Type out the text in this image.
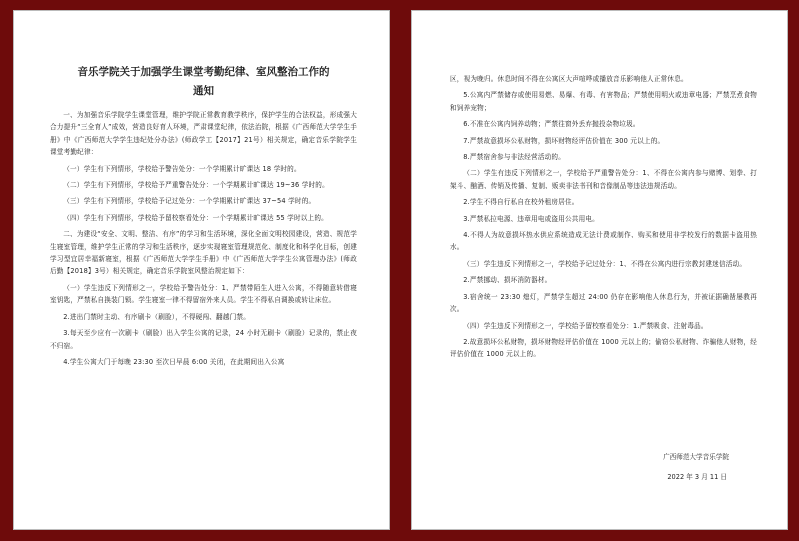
音乐学院关于加强学生课堂考勤纪律、室风整治工作的
通知

一、为加强音乐学院学生课堂管理，维护学院正常教育教学秩序，保护学生的合法权益，形成强大合力提升“三全育人”成效，营造良好育人环境，严肃课堂纪律，依法治院，根据《广西师范大学学生手册》中《广西师范大学学生违纪处分办法》(师政学工【2017】21号）相关规定，确定音乐学院学生课堂考勤纪律：

（一）学生有下列情形，学校给予警告处分：一个学期累计旷课达 18 学时的。

（二）学生有下列情形，学校给予严重警告处分：一个学期累计旷课达 19~36 学时的。

（三）学生有下列情形，学校给予记过处分：一个学期累计旷课达 37~54 学时的。

（四）学生有下列情形，学校给予留校察看处分：一个学期累计旷课达 55 学时以上的。

二、为建设“安全、文明、整洁、有序”的学习和生活环境，深化全面文明校园建设，营造、规范学生寝室管理，维护学生正常的学习和生活秩序，逐步实现寝室管理规范化、制度化和科学化目标，创建学习型宜居幸福新寝室，根据《广西师范大学学生手册》中《广西师范大学学生公寓管理办法》(师政后勤【2018】3号）相关规定，确定音乐学院室风整治规定如下：

（一）学生违反下列情形之一，学校给予警告处分：1、严禁带陌生人进入公寓，不得随意转借寝室钥匙，严禁私自换装门锁。学生寝室一律不得留宿外来人员。学生不得私自调换或转让床位。

2.进出门禁时主动、有序刷卡（刷脸），不得硬闯、翻越门禁。

3.每天至少应有一次刷卡（刷脸）出入学生公寓的记录，24 小时无刷卡（刷脸）记录的，禁止夜不归宿。

4.学生公寓大门于每晚 23:30 至次日早晨 6:00 关闭，在此期间出入公寓

区，视为晚归。休息时间不得在公寓区大声喧哗或播放音乐影响他人正常休息。

5.公寓内严禁储存或使用易燃、易爆、有毒、有害物品；严禁使用明火或违章电器；严禁烹煮食物和饲养宠物；

6.不准在公寓内饲养动物；严禁往窗外丢弃抛投杂物垃圾。

7.严禁故意损坏公私财物，损坏财物经评估价值在 300 元以上的。

8.严禁宿舍参与非法经营活动的。

（二）学生有违反下列情形之一，学校给予严重警告处分：1、不得在公寓内参与赌博、划拳、打架斗、酗酒、传销及传播、复制、贩卖非法书刊和音像制品等违法违规活动。

2.学生不得自行私自在校外租房居住。

3.严禁私拉电源、违章用电或盗用公共用电。

4.不得人为故意损坏热水供应系统造成无法计费或制作、购买和使用非学校发行的数据卡盗用热水。

（三）学生违反下列情形之一，学校给予记过处分：1、不得在公寓内进行宗教封建迷信活动。

2.严禁挪动、损坏消防器材。

3.宿舍统一 23:30 熄灯，严禁学生超过 24:00 仍存在影响他人休息行为，并被证据确凿屡教再次。

（四）学生违反下列情形之一，学校给予留校察看处分：1.严禁吸食、注射毒品。

2.故意损坏公私财物，损坏财物经评估价值在 1000 元以上的；偷窃公私财物、诈骗他人财物，经评估价值在 1000 元以上的。

广西师范大学音乐学院
2022 年 3 月 11 日
